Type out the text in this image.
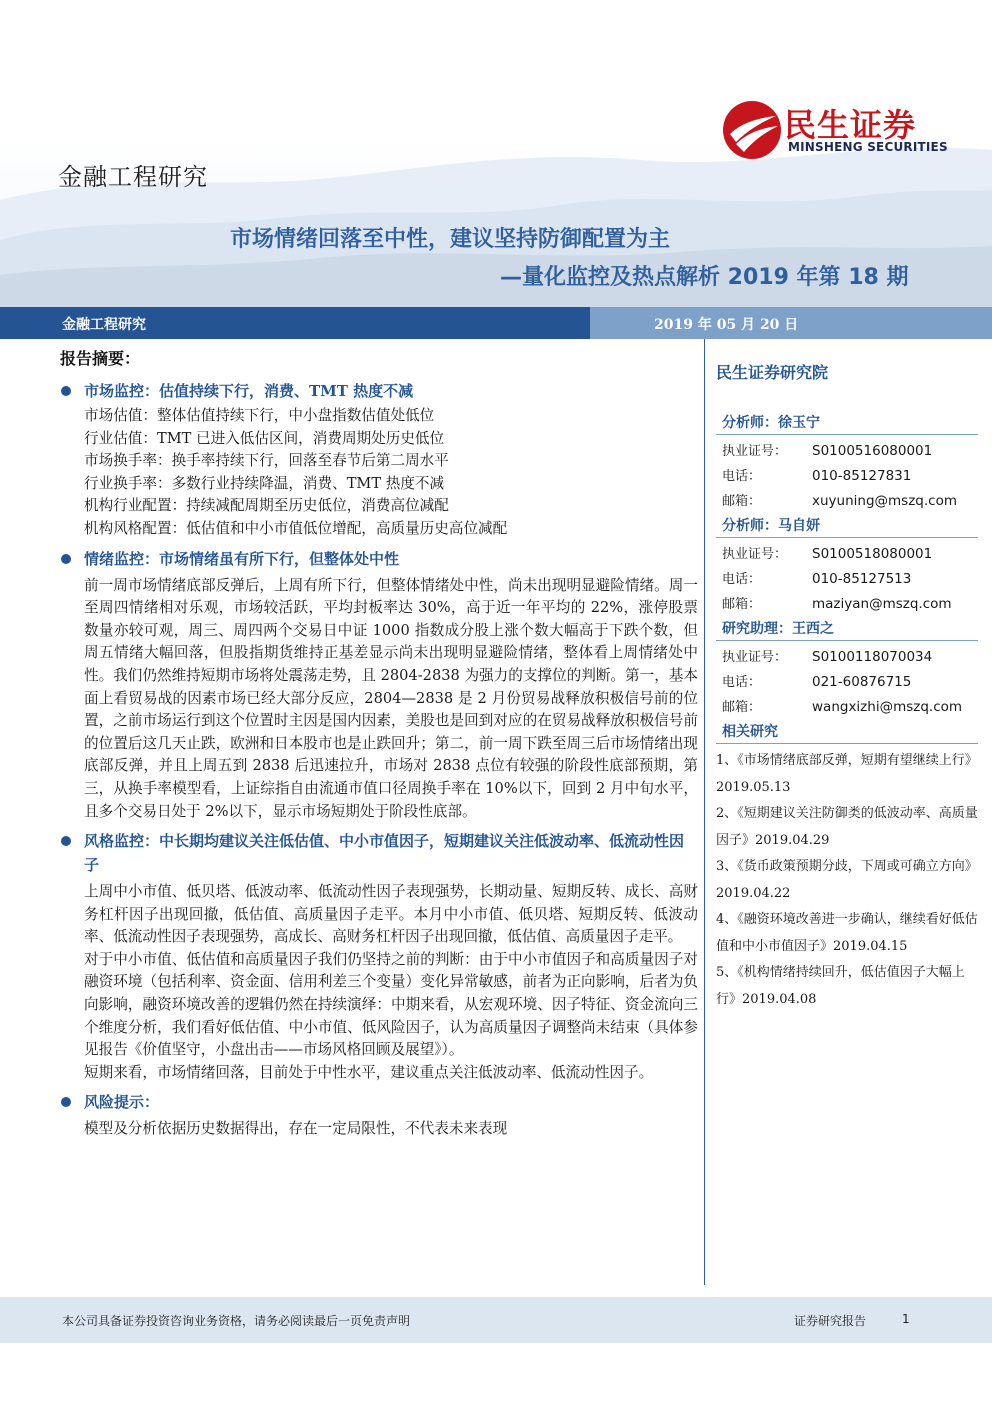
金融工程研究
民生证券
MINSHENG SECURITIES
市场情绪回落至中性，建议坚持防御配置为主
—量化监控及热点解析 2019 年第 18 期
金融工程研究	2019 年 05 月 20 日
报告摘要：
市场监控：估值持续下行，消费、TMT 热度不减
市场估值：整体估值持续下行，中小盘指数估值处低位
行业估值：TMT 已进入低估区间，消费周期处历史低位
市场换手率：换手率持续下行，回落至春节后第二周水平
行业换手率：多数行业持续降温，消费、TMT 热度不减
机构行业配置：持续减配周期至历史低位，消费高位减配
机构风格配置：低估值和中小市值低位增配，高质量历史高位减配
情绪监控：市场情绪虽有所下行，但整体处中性
前一周市场情绪底部反弹后，上周有所下行，但整体情绪处中性，尚未出现明显避险情绪。周一至周四情绪相对乐观，市场较活跃，平均封板率达 30%，高于近一年平均的 22%，涨停股票数量亦较可观，周三、周四两个交易日中证 1000 指数成分股上涨个数大幅高于下跌个数，但周五情绪大幅回落，但股指期货维持正基差显示尚未出现明显避险情绪，整体看上周情绪处中性。我们仍然维持短期市场将处震荡走势，且 2804-2838 为强力的支撑位的判断。第一，基本面上看贸易战的因素市场已经大部分反应，2804—2838 是 2 月份贸易战释放积极信号前的位置，之前市场运行到这个位置时主因是国内因素，美股也是回到对应的在贸易战释放积极信号前的位置后这几天止跌，欧洲和日本股市也是止跌回升；第二，前一周下跌至周三后市场情绪出现底部反弹，并且上周五到 2838 后迅速拉升，市场对 2838 点位有较强的阶段性底部预期，第三，从换手率模型看，上证综指自由流通市值口径周换手率在 10%以下，回到 2 月中旬水平，且多个交易日处于 2%以下，显示市场短期处于阶段性底部。
风格监控：中长期均建议关注低估值、中小市值因子，短期建议关注低波动率、低流动性因子
上周中小市值、低贝塔、低波动率、低流动性因子表现强势，长期动量、短期反转、成长、高财务杠杆因子出现回撤，低估值、高质量因子走平。本月中小市值、低贝塔、短期反转、低波动率、低流动性因子表现强势，高成长、高财务杠杆因子出现回撤，低估值、高质量因子走平。
对于中小市值、低估值和高质量因子我们仍坚持之前的判断：由于中小市值因子和高质量因子对融资环境（包括利率、资金面、信用利差三个变量）变化异常敏感，前者为正向影响，后者为负向影响，融资环境改善的逻辑仍然在持续演绎：中期来看，从宏观环境、因子特征、资金流向三个维度分析，我们看好低估值、中小市值、低风险因子，认为高质量因子调整尚未结束（具体参见报告《价值坚守，小盘出击——市场风格回顾及展望》）。
短期来看，市场情绪回落，目前处于中性水平，建议重点关注低波动率、低流动性因子。
风险提示：
模型及分析依据历史数据得出，存在一定局限性，不代表未来表现
民生证券研究院
分析师：徐玉宁
执业证号：	S0100516080001
电话：	010-85127831
邮箱：	xuyuning@mszq.com
分析师：马自妍
执业证号：	S0100518080001
电话：	010-85127513
邮箱：	maziyan@mszq.com
研究助理：王西之
执业证号：	S0100118070034
电话：	021-60876715
邮箱：	wangxizhi@mszq.com
相关研究
1、《市场情绪底部反弹，短期有望继续上行》2019.05.13
2、《短期建议关注防御类的低波动率、高质量因子》2019.04.29
3、《货币政策预期分歧，下周或可确立方向》2019.04.22
4、《融资环境改善进一步确认，继续看好低估值和中小市值因子》2019.04.15
5、《机构情绪持续回升，低估值因子大幅上行》2019.04.08
本公司具备证券投资咨询业务资格，请务必阅读最后一页免责声明	证券研究报告	1
